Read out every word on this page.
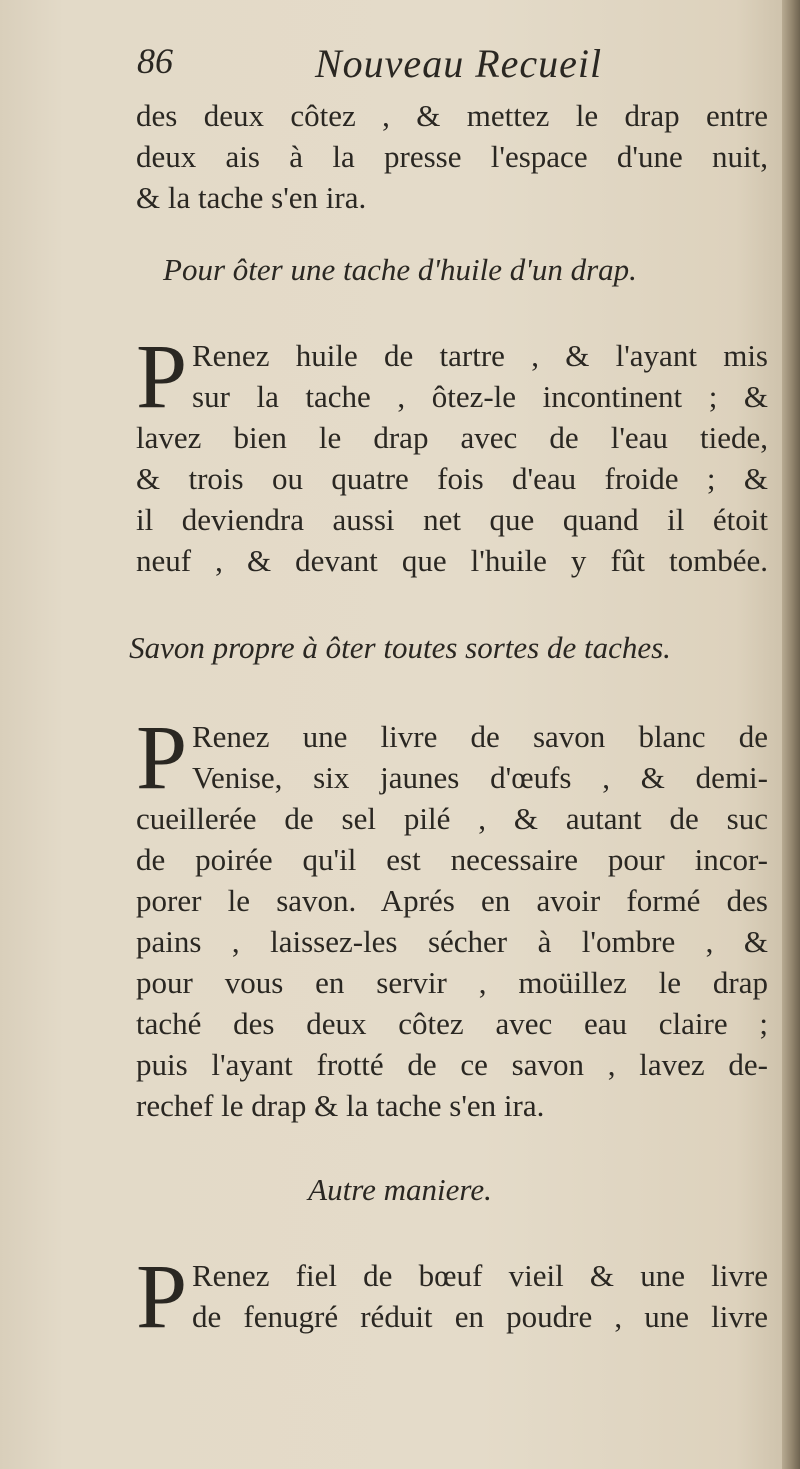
86	Nouveau Recueil
des deux côtez , & mettez le drap entre
deux ais à la presse l'espace d'une nuit,
& la tache s'en ira.
Pour ôter une tache d'huile d'un drap.
P Renez huile de tartre , & l'ayant mis
sur la tache , ôtez-le incontinent ; &
lavez bien le drap avec de l'eau tiede,
& trois ou quatre fois d'eau froide ; &
il deviendra aussi net que quand il étoit
neuf , & devant que l'huile y fût tombée.
Savon propre à ôter toutes sortes de taches.
P Renez une livre de savon blanc de
Venise, six jaunes d'œufs , & demi-
cueillerée de sel pilé , & autant de suc
de poirée qu'il est necessaire pour incor-
porer le savon. Aprés en avoir formé des
pains , laissez-les sécher à l'ombre , &
pour vous en servir , moüillez le drap
taché des deux côtez avec eau claire ;
puis l'ayant frotté de ce savon , lavez de-
rechef le drap & la tache s'en ira.
Autre maniere.
P Renez fiel de bœuf vieil & une livre
de fenugré réduit en poudre , une livre
